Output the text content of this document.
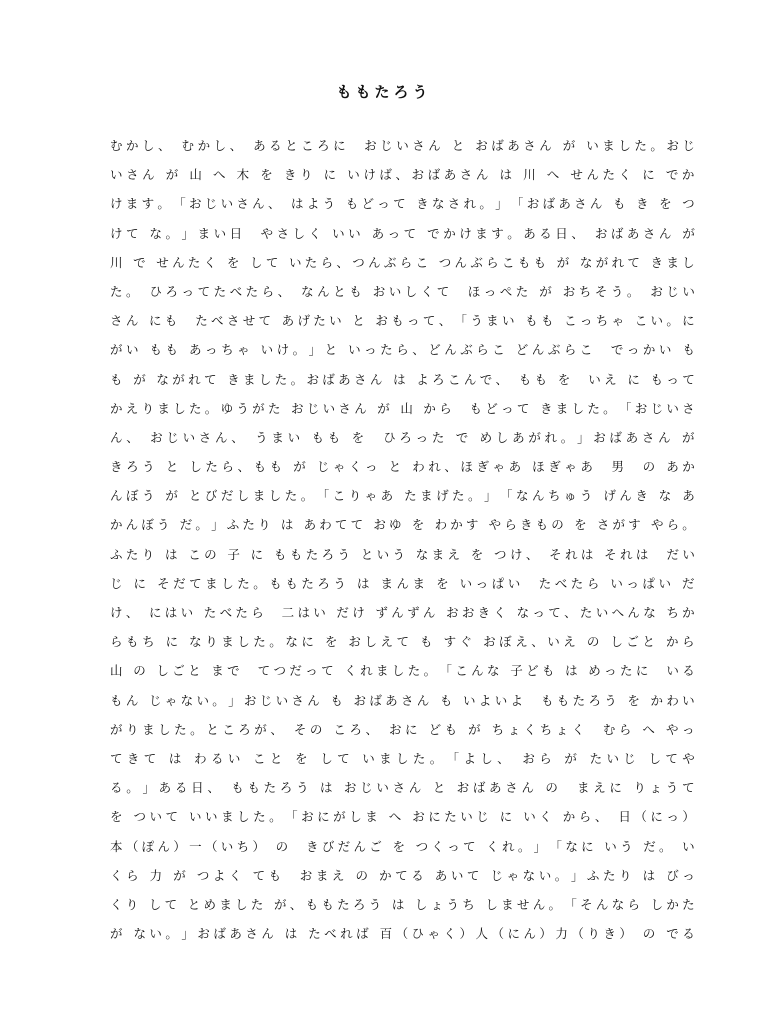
ももたろう
む か し 、
む か し 、
あ る と こ ろ に

お じ い さ ん
と
お ば あ さ ん
が
い ま し た 。 お じ
い さ ん
が
山
へ
木
を
き り
に
い け ば 、 お ば あ さ ん
は
川
へ
せ ん た く
に
で か
け ま す 。 「 お じ い さ ん 、
は よ う
も ど っ て
き な さ れ 。 」 「 お ば あ さ ん
も
き
を
つ
け て
な 。 」 ま い 日

や さ し く
い い
あ っ て
で か け ま す 。 あ る 日 、
お ば あ さ ん
が
川
で
せ ん た く
を
し て
い た ら 、 つ ん ぶ ら こ
つ ん ぶ ら こ も も
が
な が れ て
き ま し
た 。
ひ ろ っ て た べ た ら 、
な ん と も
お い し く て

ほ っ ぺ た
が
お ち そ う 。
お じ い
さ ん
に も

た べ さ せ て
あ げ た い
と
お も っ て 、 「 う ま い
も も
こ っ ち ゃ
こ い 。 に
が い
も も
あ っ ち ゃ
い け 。 」 と
い っ た ら 、 ど ん ぶ ら こ
ど ん ぶ ら こ

で っ か い
も
も
が
な が れ て
き ま し た 。 お ば あ さ ん
は
よ ろ こ ん で 、
も も
を

い え
に
も っ て
か え り ま し た 。 ゆ う が た
お じ い さ ん
が
山
か ら

も ど っ て
き ま し た 。 「 お じ い さ
ん 、
お じ い さ ん 、
う ま い
も も
を

ひ ろ っ た
で
め し あ が れ 。 」 お ば あ さ ん
が
き ろ う
と
し た ら 、 も も
が
じ ゃ く っ
と
わ れ 、 ほ ぎ ゃ あ
ほ ぎ ゃ あ

男

の
あ か
ん ぼ う
が
と び だ し ま し た 。 「 こ り ゃ あ
た ま げ た 。 」 「 な ん ち ゅ う
げ ん き
な
あ
か ん ぼ う
だ 。 」 ふ た り
は
あ わ て て
お ゆ
を
わ か す
や ら き も の
を
さ が す
や ら 。
ふ た り
は
こ の
子
に
も も た ろ う
と い う
な ま え
を
つ け 、
そ れ は
そ れ は

だ い
じ
に
そ だ て ま し た 。 も も た ろ う
は
ま ん ま
を
い っ ぱ い

た べ た ら
い っ ぱ い
だ
け 、
に は い
た べ た ら

二 は い
だ け
ず ん ず ん
お お き く
な っ て 、 た い へ ん な
ち か
ら も ち
に
な り ま し た 。 な に
を
お し え て
も
す ぐ
お ぼ え 、 い え
の
し ご と
か ら
山
の
し ご と
ま で

て つ だ っ て
く れ ま し た 。 「 こ ん な
子 ど も
は
め っ た に

い る
も ん
じ ゃ な い 。 」 お じ い さ ん
も
お ば あ さ ん
も
い よ い よ

も も た ろ う
を
か わ い
が り ま し た 。 と こ ろ が 、
そ の
こ ろ 、
お に
ど も
が
ち ょ く ち ょ く

む ら
へ
や っ
て き て
は
わ る い
こ と
を
し て
い ま し た 。 「 よ し 、
お ら
が
た い じ
し て や
る 。 」 あ る 日 、
も も た ろ う
は
お じ い さ ん
と
お ば あ さ ん
の

ま え に
り ょ う て
を
つ い て
い い ま し た 。 「 お に が し ま
へ
お に た い じ
に
い く
か ら 、
日 （ に っ ）
本 （ ぽ ん ） 一 （ い ち ）
の

き び だ ん ご
を
つ く っ て
く れ 。 」 「 な に
い う
だ 。
い
く ら
力
が
つ よ く
て も

お ま え
の
か て る
あ い て
じ ゃ な い 。 」 ふ た り
は
び っ
く り
し て
と め ま し た
が 、 も も た ろ う
は
し ょ う ち
し ま せ ん 。 「 そ ん な ら
し か た
が
な い 。 」 お ば あ さ ん
は
た べ れ ば
百 （ ひ ゃ く ） 人 （ に ん ） 力 （ り き ）
の
で る
